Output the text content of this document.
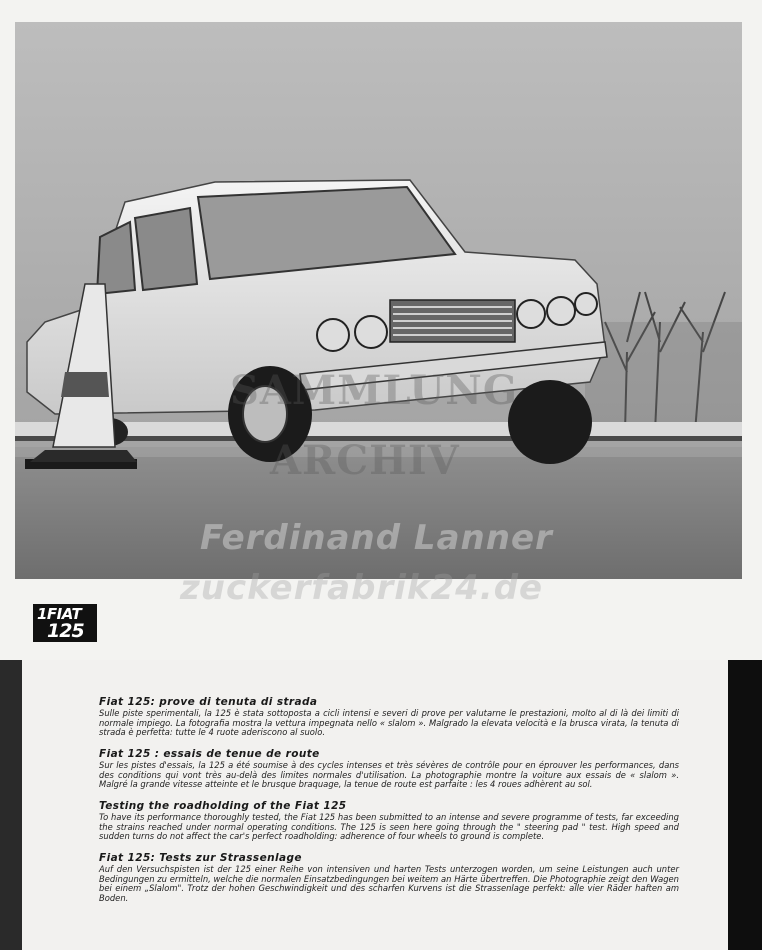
SAMMLUNG
ARCHIV
Ferdinand Lanner
zuckerfabrik24.de
1FIAT
125
Fiat 125: prove di tenuta di strada

Sulle piste sperimentali, la 125 è stata sottoposta a cicli intensi e severi di prove per valutarne le prestazioni, molto al di là dei limiti di normale impiego. La fotografia mostra la vettura impegnata nello « slalom ». Malgrado la elevata velocità e la brusca virata, la tenuta di strada è perfetta: tutte le 4 ruote aderiscono al suolo.

Fiat 125 : essais de tenue de route

Sur les pistes d'essais, la 125 a été soumise à des cycles intenses et très sévères de contrôle pour en éprouver les performances, dans des conditions qui vont très au-delà des limites normales d'utilisation. La photographie montre la voiture aux essais de « slalom ». Malgré la grande vitesse atteinte et le brusque braquage, la tenue de route est parfaite : les 4 roues adhèrent au sol.

Testing the roadholding of the Fiat 125

To have its performance thoroughly tested, the Fiat 125 has been submitted to an intense and severe programme of tests, far exceeding the strains reached under normal operating conditions. The 125 is seen here going through the " steering pad " test. High speed and sudden turns do not affect the car's perfect roadholding: adherence of four wheels to ground is complete.

Fiat 125: Tests zur Strassenlage

Auf den Versuchspisten ist der 125 einer Reihe von intensiven und harten Tests unterzogen worden, um seine Leistungen auch unter Bedingungen zu ermitteln, welche die normalen Einsatzbedingungen bei weitem an Härte übertreffen. Die Photographie zeigt den Wagen bei einem „Slalom". Trotz der hohen Geschwindigkeit und des scharfen Kurvens ist die Strassenlage perfekt: alle vier Räder haften am Boden.
